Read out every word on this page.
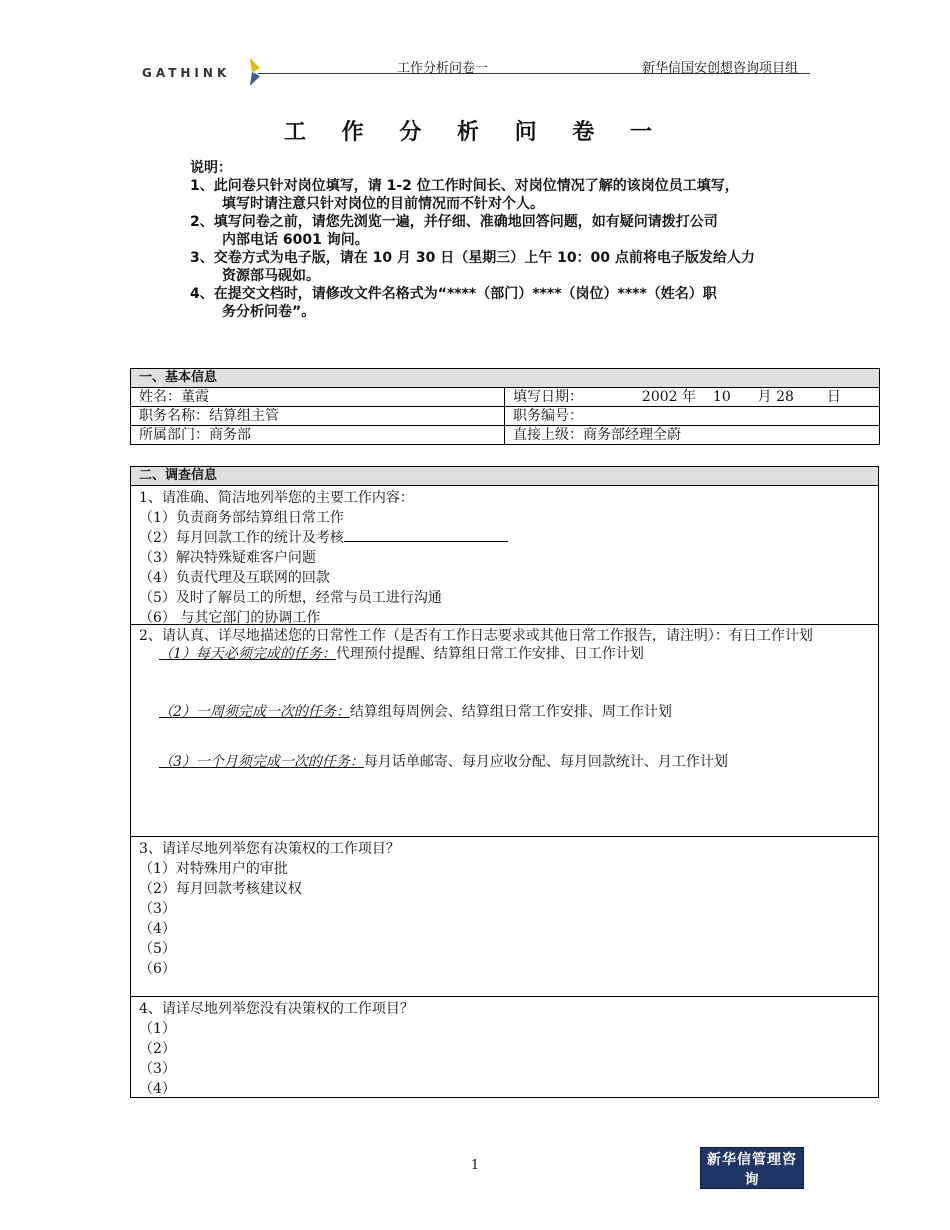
GATHINK	工作分析问卷一	新华信国安创想咨询项目组
工 作 分 析 问 卷 一
说明：
1、此问卷只针对岗位填写，请 1-2 位工作时间长、对岗位情况了解的该岗位员工填写，
填写时请注意只针对岗位的目前情况而不针对个人。
2、填写问卷之前，请您先浏览一遍，并仔细、准确地回答问题，如有疑问请拨打公司
内部电话 6001 询问。
3、交卷方式为电子版，请在 10 月 30 日（星期三）上午 10：00 点前将电子版发给人力
资源部马砚如。
4、在提交文档时，请修改文件名格式为“****（部门）****（岗位）****（姓名）职
务分析问卷”。
一、基本信息	
姓名：董霞	填写日期： 2002 年 10 月 28 日
职务名称：结算组主管	职务编号：
所属部门：商务部	直接上级：商务部经理全蔚
二、调查信息
1、请准确、简洁地列举您的主要工作内容：
（1）负责商务部结算组日常工作
（2）每月回款工作的统计及考核
（3）解决特殊疑难客户问题
（4）负责代理及互联网的回款
（5）及时了解员工的所想，经常与员工进行沟通
（6） 与其它部门的协调工作
2、请认真、详尽地描述您的日常性工作（是否有工作日志要求或其他日常工作报告，请注明）：有日工作计划
（1）每天必须完成的任务：代理预付提醒、结算组日常工作安排、日工作计划
（2）一周须完成一次的任务：结算组每周例会、结算组日常工作安排、周工作计划
（3）一个月须完成一次的任务：每月话单邮寄、每月应收分配、每月回款统计、月工作计划
3、请详尽地列举您有决策权的工作项目？
（1）对特殊用户的审批
（2）每月回款考核建议权
（3）
（4）
（5）
（6）
4、请详尽地列举您没有决策权的工作项目？
（1）
（2）
（3）
（4）
1	新华信管理咨询
SINOTRUST
